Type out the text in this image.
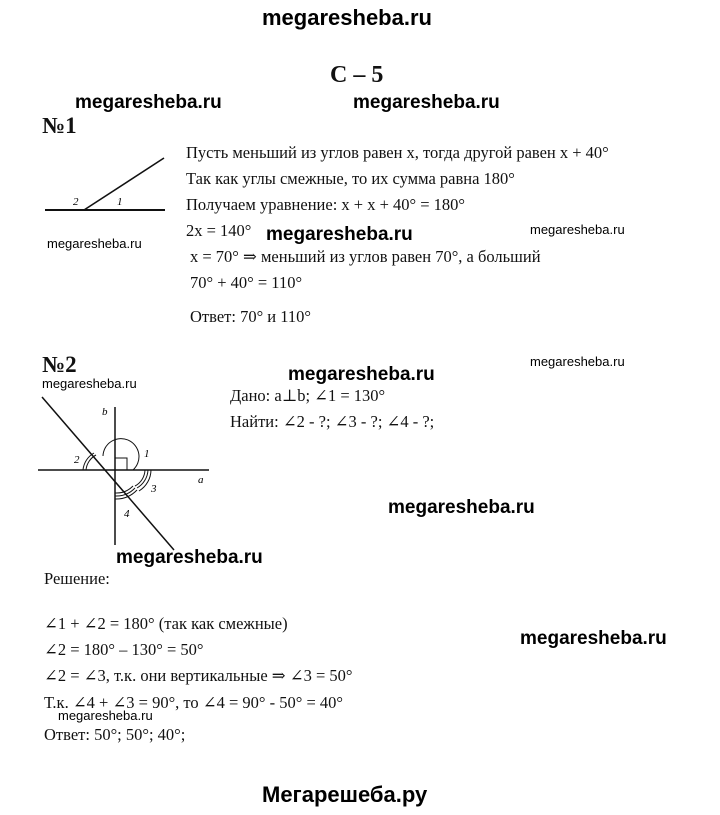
megaresheba.ru
megaresheba.ru	megaresheba.ru
megaresheba.ru	megaresheba.ru	megaresheba.ru
megaresheba.ru
megaresheba.ru	megaresheba.ru
megaresheba.ru
megaresheba.ru
megaresheba.ru
megaresheba.ru
Мегарешеба.ру
С – 5
№1
2	1
Пусть меньший из углов равен х, тогда другой равен х + 40°
Так как углы смежные, то их сумма равна 180°
Получаем уравнение: х + х + 40° = 180°
2х = 140°
х = 70° ⇒ меньший из углов равен 70°, а больший
70° + 40° = 110°
Ответ: 70° и 110°
№2
b
2	1
3
4
a
Дано: a⊥b; ∠1 = 130°
Найти: ∠2 - ?; ∠3 - ?; ∠4 - ?;
Решение:
∠1 + ∠2 = 180° (так как смежные)
∠2 = 180° – 130° = 50°
∠2 = ∠3, т.к. они вертикальные ⇒ ∠3 = 50°
Т.к. ∠4 + ∠3 = 90°, то ∠4 = 90° - 50° = 40°
Ответ: 50°; 50°; 40°;
